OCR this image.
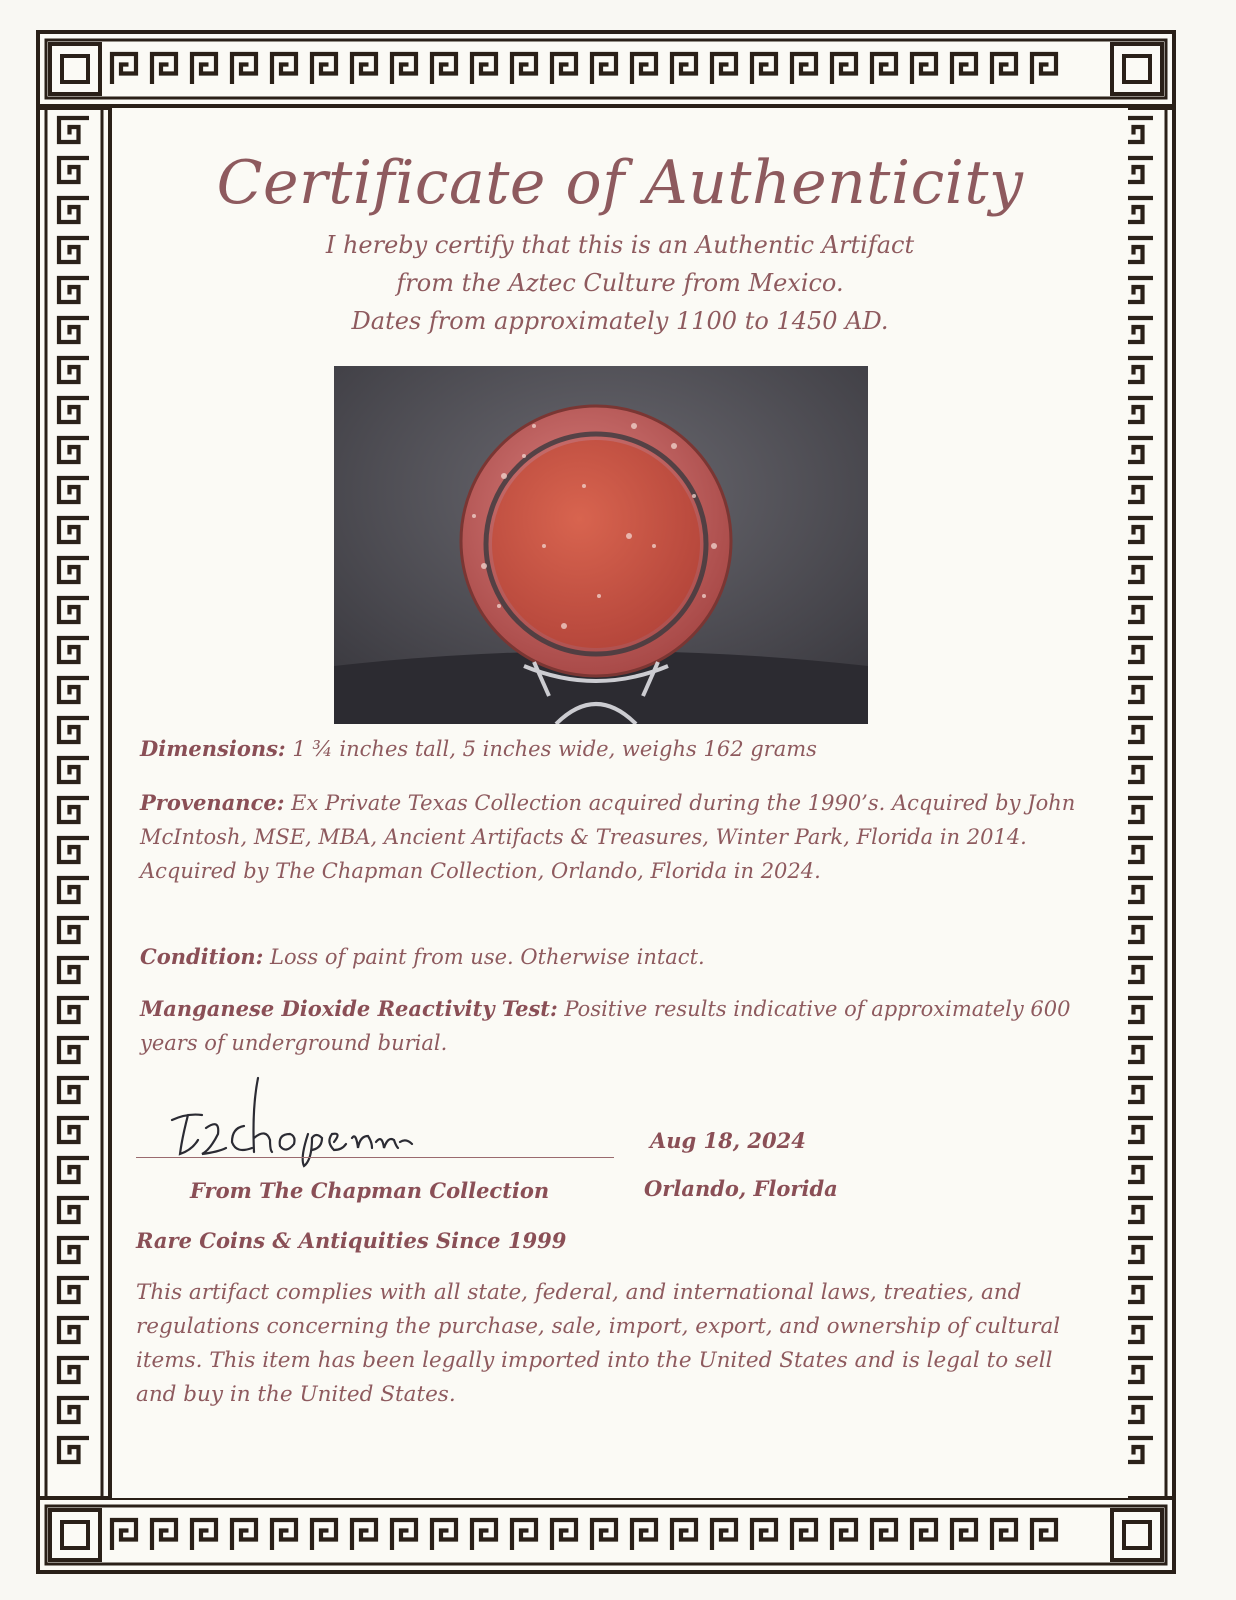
Certificate of Authenticity
I hereby certify that this is an Authentic Artifact
from the Aztec Culture from Mexico.
Dates from approximately 1100 to 1450 AD.
Dimensions: 1 ¾ inches tall, 5 inches wide, weighs 162 grams
Provenance: Ex Private Texas Collection acquired during the 1990’s. Acquired by John McIntosh, MSE, MBA, Ancient Artifacts & Treasures, Winter Park, Florida in 2014. Acquired by The Chapman Collection, Orlando, Florida in 2024.
Condition: Loss of paint from use. Otherwise intact.
Manganese Dioxide Reactivity Test: Positive results indicative of approximately 600 years of underground burial.
Aug 18, 2024
From The Chapman Collection	Orlando, Florida
Rare Coins & Antiquities Since 1999
This artifact complies with all state, federal, and international laws, treaties, and regulations concerning the purchase, sale, import, export, and ownership of cultural items. This item has been legally imported into the United States and is legal to sell and buy in the United States.
